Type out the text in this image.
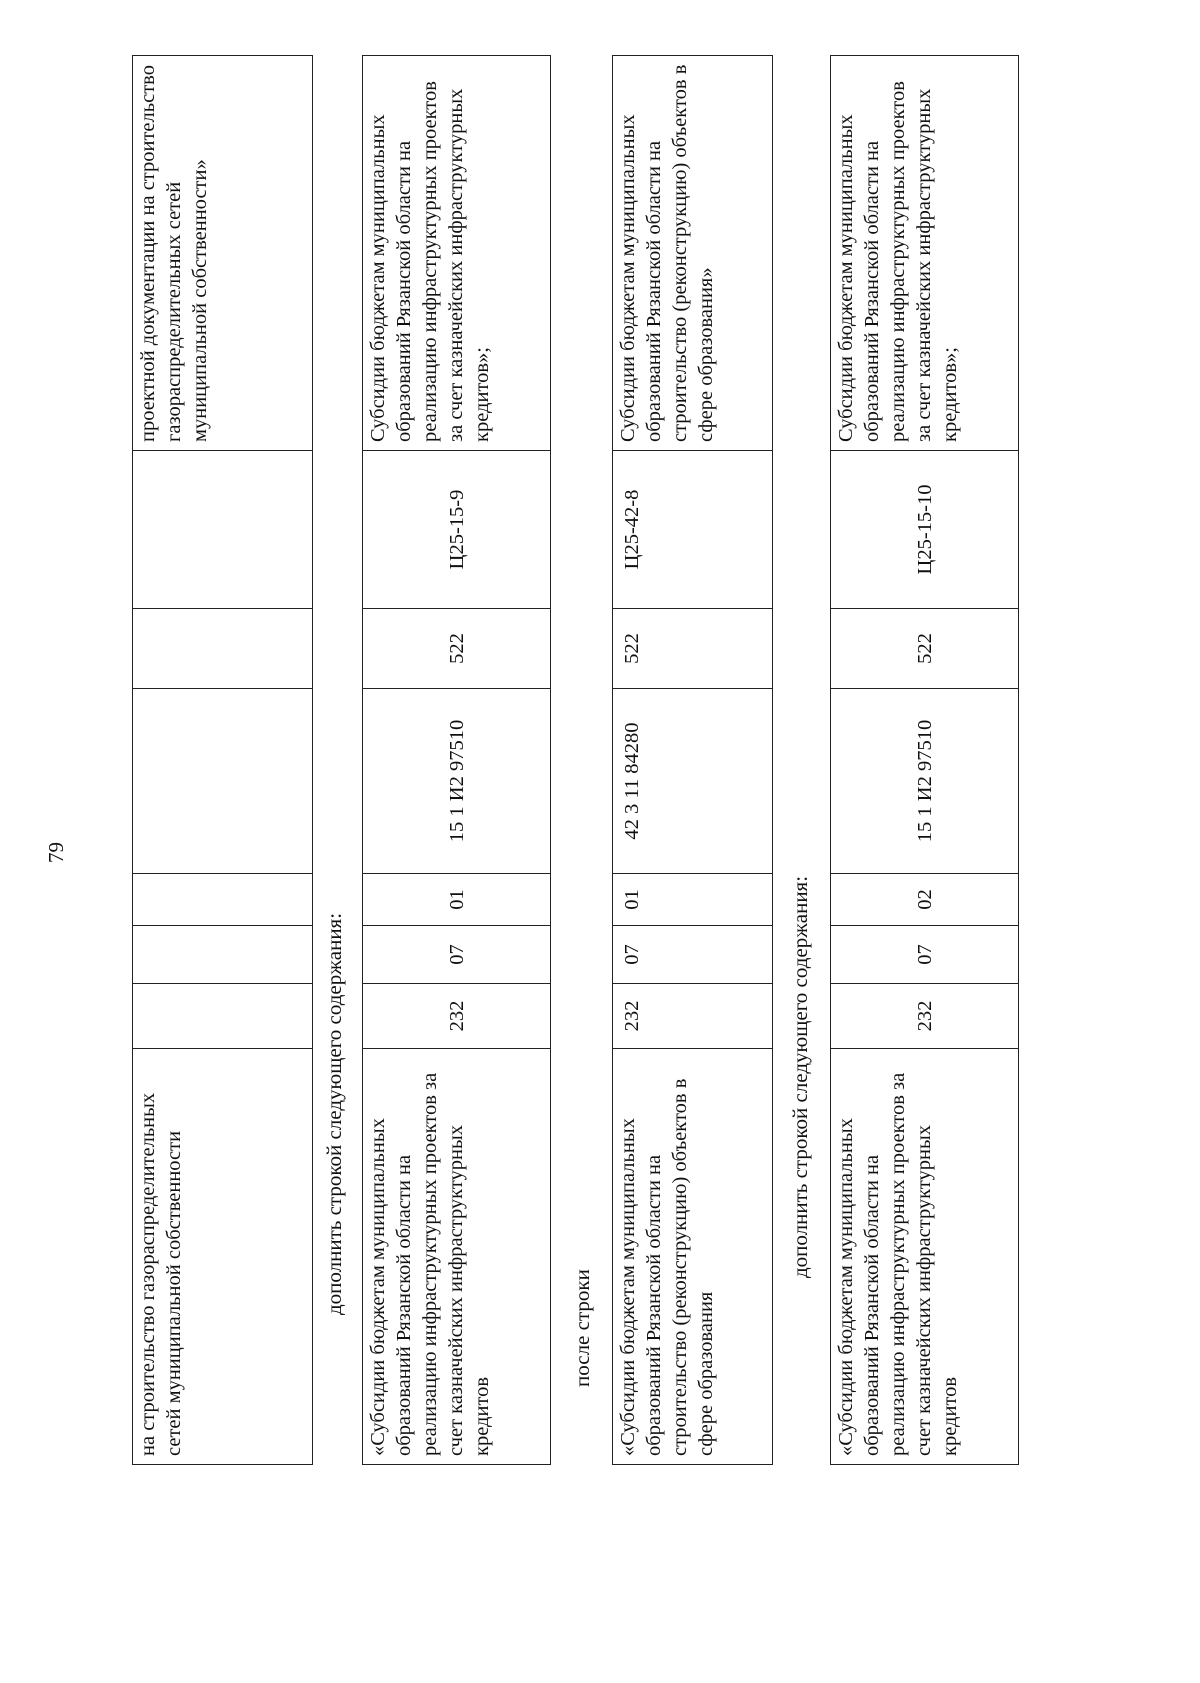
79
на строительство газораспределительных сетей муниципальной собственности							проектной документации на строительство газораспределительных сетей муниципальной собственности»
дополнить строкой следующего содержания: «Субсидии бюджетам муниципальных образований Рязанской области на реализацию инфраструктурных проектов за счет казначейских инфраструктурных кредитов	232	07	01	15 1 И2 97510	522	Ц25-15-9	Субсидии бюджетам муниципальных образований Рязанской области на реализацию инфраструктурных проектов за счет казначейских инфраструктурных кредитов»;
после строки «Субсидии бюджетам муниципальных образований Рязанской области на строительство (реконструкцию) объектов в сфере образования	232	07	01	42 3 11 84280	522	Ц25-42-8	Субсидии бюджетам муниципальных образований Рязанской области на строительство (реконструкцию) объектов в сфере образования»
дополнить строкой следующего содержания:
«Субсидии бюджетам муниципальных образований Рязанской области на реализацию инфраструктурных проектов за счет казначейских инфраструктурных кредитов	232	07	02	15 1 И2 97510	522	Ц25-15-10	Субсидии бюджетам муниципальных образований Рязанской области на реализацию инфраструктурных проектов за счет казначейских инфраструктурных кредитов»;
